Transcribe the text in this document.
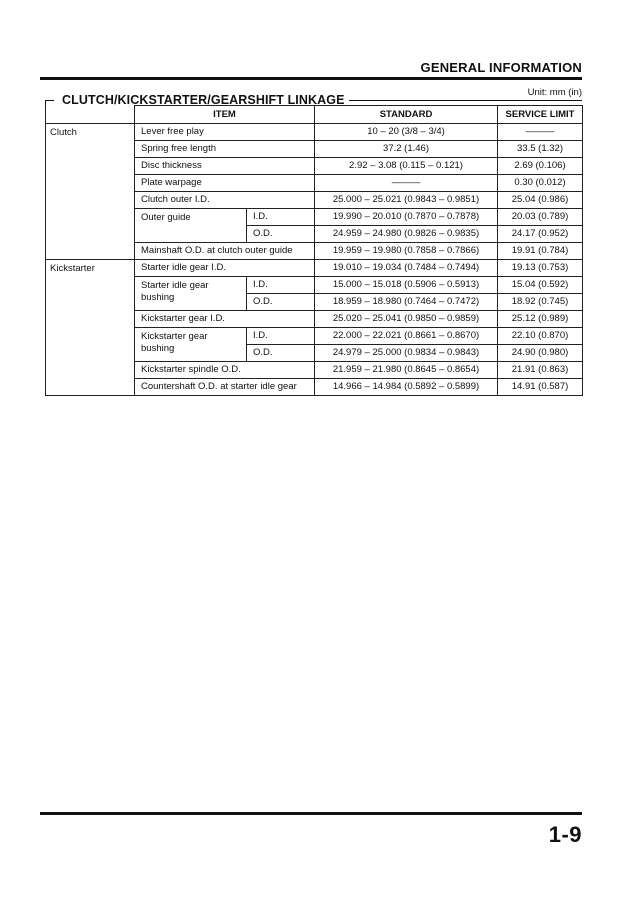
GENERAL INFORMATION
Unit: mm (in)
CLUTCH/KICKSTARTER/GEARSHIFT LINKAGE
	ITEM		STANDARD	SERVICE LIMIT
Clutch	Lever free play		10 – 20 (3/8 – 3/4)	———
	Spring free length		37.2 (1.46)	33.5 (1.32)
	Disc thickness		2.92 – 3.08 (0.115 – 0.121)	2.69 (0.106)
	Plate warpage		———	0.30 (0.012)
	Clutch outer I.D.		25.000 – 25.021 (0.9843 – 0.9851)	25.04 (0.986)
	Outer guide	I.D.	19.990 – 20.010 (0.7870 – 0.7878)	20.03 (0.789)
		O.D.	24.959 – 24.980 (0.9826 – 0.9835)	24.17 (0.952)
	Mainshaft O.D. at clutch outer guide		19.959 – 19.980 (0.7858 – 0.7866)	19.91 (0.784)
Kickstarter	Starter idle gear I.D.		19.010 – 19.034 (0.7484 – 0.7494)	19.13 (0.753)
	Starter idle gear bushing	I.D.	15.000 – 15.018 (0.5906 – 0.5913)	15.04 (0.592)
		O.D.	18.959 – 18.980 (0.7464 – 0.7472)	18.92 (0.745)
	Kickstarter gear I.D.		25.020 – 25.041 (0.9850 – 0.9859)	25.12 (0.989)
	Kickstarter gear bushing	I.D.	22.000 – 22.021 (0.8661 – 0.8670)	22.10 (0.870)
		O.D.	24.979 – 25.000 (0.9834 – 0.9843)	24.90 (0.980)
	Kickstarter spindle O.D.		21.959 – 21.980 (0.8645 – 0.8654)	21.91 (0.863)
	Countershaft O.D. at starter idle gear		14.966 – 14.984 (0.5892 – 0.5899)	14.91 (0.587)
1-9
